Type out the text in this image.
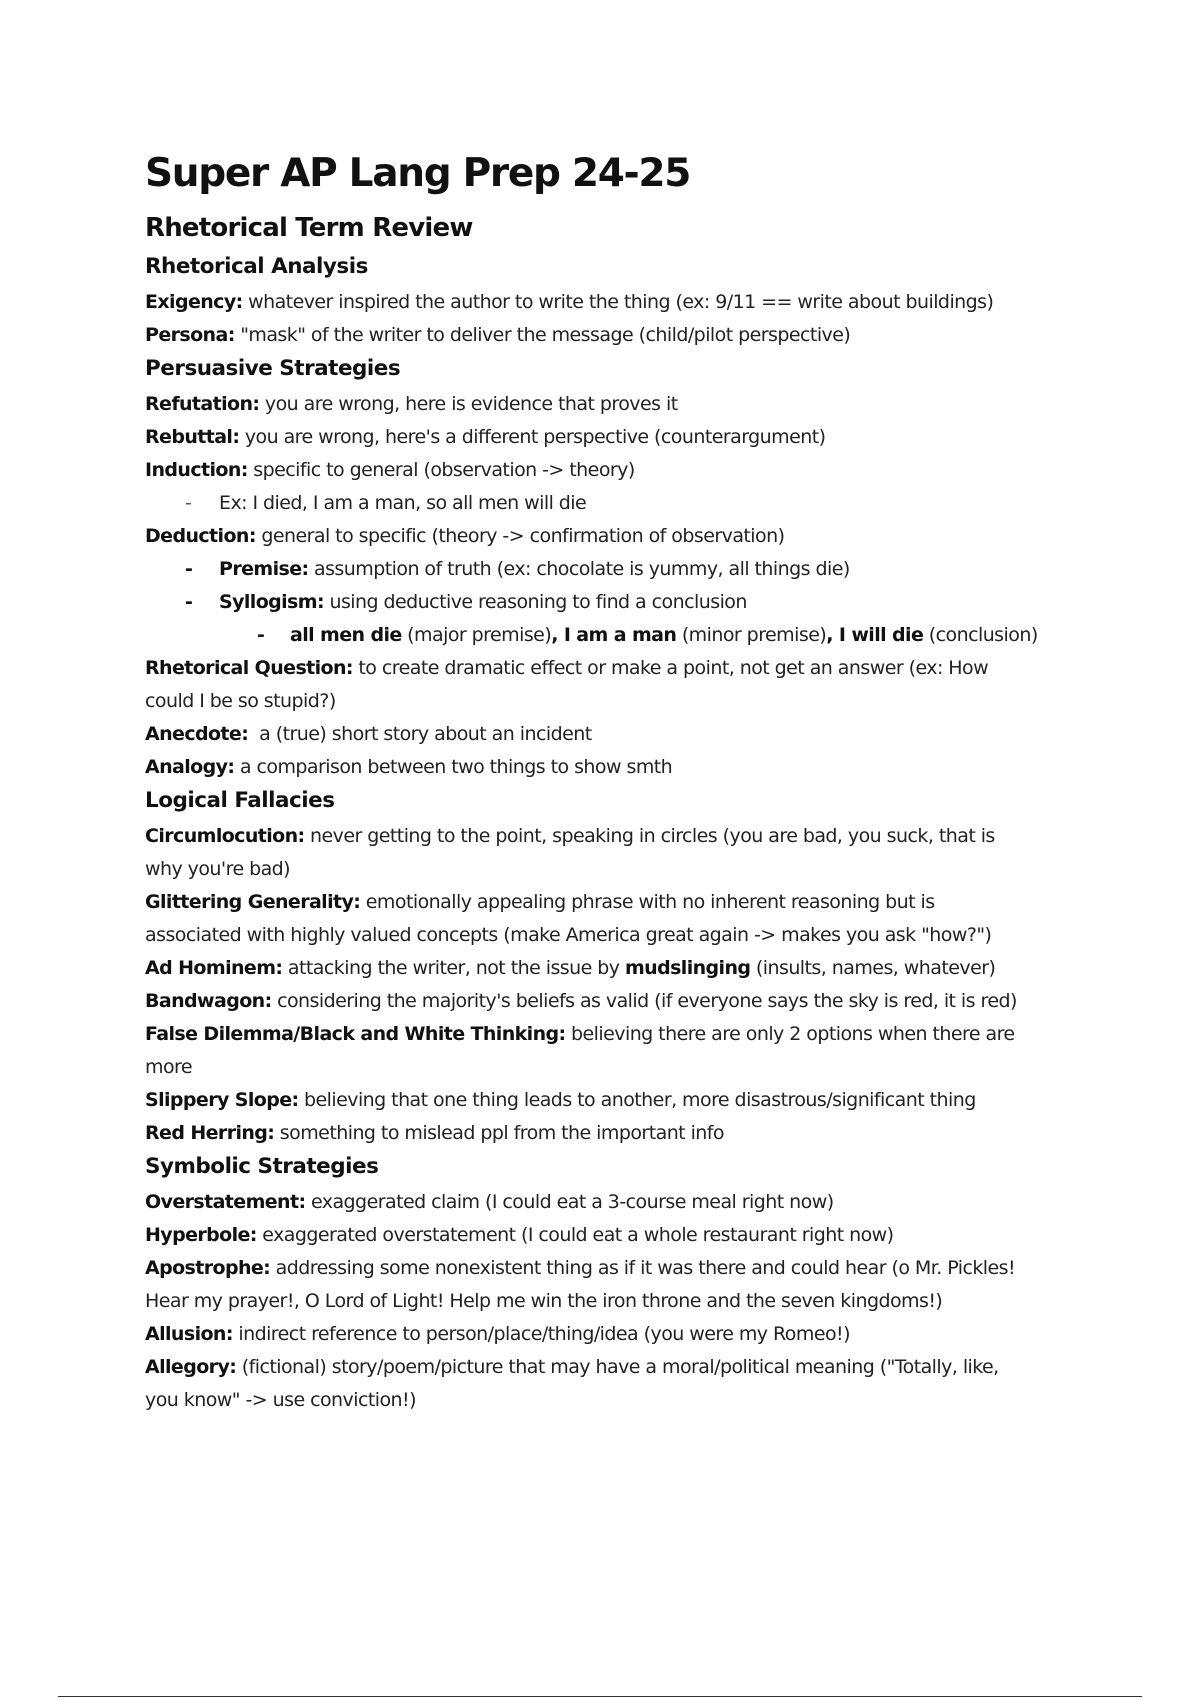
Super AP Lang Prep 24-25
Rhetorical Term Review
Rhetorical Analysis

Exigency: whatever inspired the author to write the thing (ex: 9/11 == write about buildings)

Persona: "mask" of the writer to deliver the message (child/pilot perspective)

Persuasive Strategies

Refutation: you are wrong, here is evidence that proves it

Rebuttal: you are wrong, here's a different perspective (counterargument)

Induction: specific to general (observation -> theory)

- Ex: I died, I am a man, so all men will die

Deduction: general to specific (theory -> confirmation of observation)

- Premise: assumption of truth (ex: chocolate is yummy, all things die)

- Syllogism: using deductive reasoning to find a conclusion

- all men die (major premise), I am a man (minor premise), I will die (conclusion)

Rhetorical Question: to create dramatic effect or make a point, not get an answer (ex: How

could I be so stupid?)

Anecdote:  a (true) short story about an incident

Analogy: a comparison between two things to show smth

Logical Fallacies

Circumlocution: never getting to the point, speaking in circles (you are bad, you suck, that is

why you're bad)

Glittering Generality: emotionally appealing phrase with no inherent reasoning but is

associated with highly valued concepts (make America great again -> makes you ask "how?")

Ad Hominem: attacking the writer, not the issue by mudslinging (insults, names, whatever)

Bandwagon: considering the majority's beliefs as valid (if everyone says the sky is red, it is red)

False Dilemma/Black and White Thinking: believing there are only 2 options when there are

more

Slippery Slope: believing that one thing leads to another, more disastrous/significant thing

Red Herring: something to mislead ppl from the important info

Symbolic Strategies

Overstatement: exaggerated claim (I could eat a 3-course meal right now)

Hyperbole: exaggerated overstatement (I could eat a whole restaurant right now)

Apostrophe: addressing some nonexistent thing as if it was there and could hear (o Mr. Pickles!

Hear my prayer!, O Lord of Light! Help me win the iron throne and the seven kingdoms!)

Allusion: indirect reference to person/place/thing/idea (you were my Romeo!)

Allegory: (fictional) story/poem/picture that may have a moral/political meaning ("Totally, like,

you know" -> use conviction!)
